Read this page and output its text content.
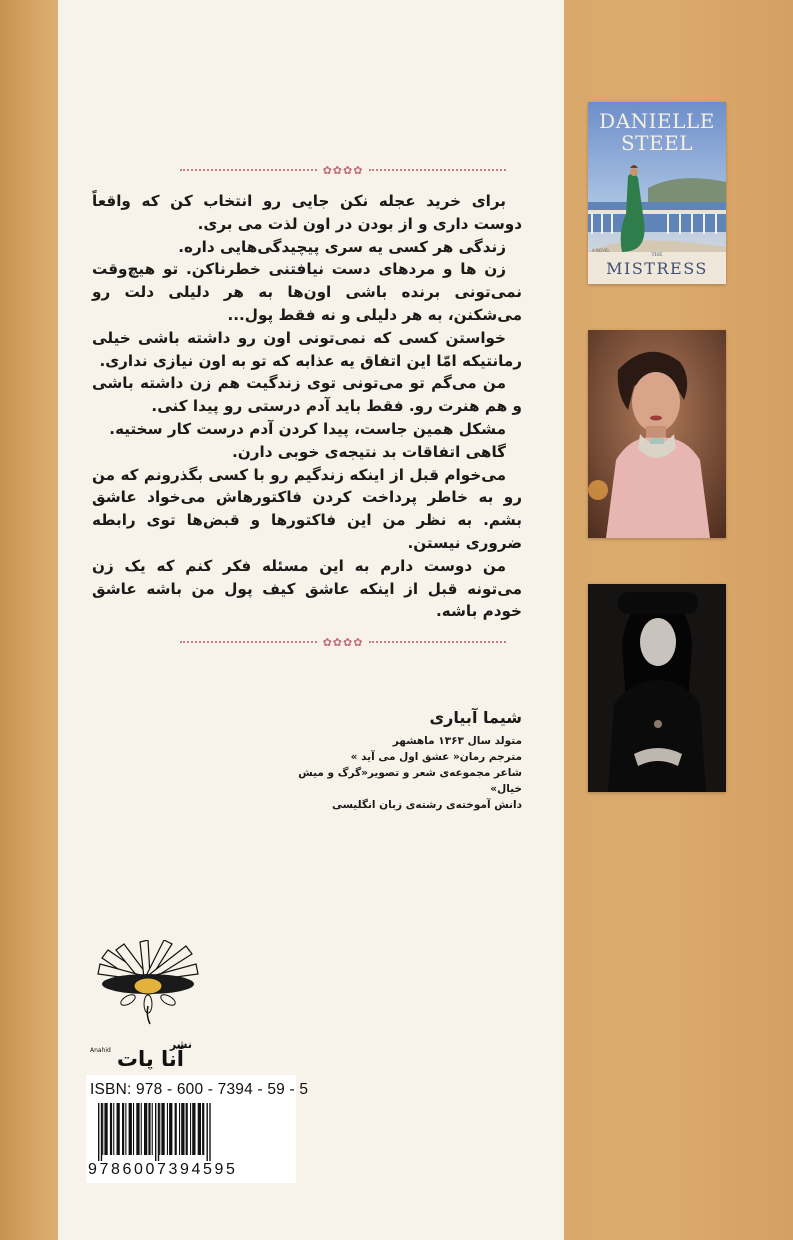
✿✿✿✿

برای خرید عجله نکن جایی رو انتخاب کن که واقعاً دوست داری و از بودن در اون لذت می بری.

زندگی هر کسی یه سری پیچیدگی‌هایی داره.

زن ها و مردهای دست نیافتنی خطرناکن. تو هیچ‌وقت نمی‌تونی برنده باشی اون‌ها به هر دلیلی دلت رو می‌شکنن، به هر دلیلی و نه فقط پول...

خواستن کسی که نمی‌تونی اون رو داشته باشی خیلی رمانتیکه امّا این اتفاق یه عذابه که تو به اون نیازی نداری.

من می‌گم تو می‌تونی توی زندگیت هم زن داشته باشی و هم هنرت رو. فقط باید آدم درستی رو پیدا کنی.

مشکل همین جاست، پیدا کردن آدم درست کار سختیه.

گاهی اتفاقات بد نتیجه‌ی خوبی دارن.

می‌خوام قبل از اینکه زندگیم رو با کسی بگذرونم که من رو به خاطر پرداخت کردن فاکتورهاش می‌خواد عاشق بشم. به نظر من این فاکتورها و قبض‌ها توی رابطه ضروری نیستن.

من دوست دارم به این مسئله فکر کنم که یک زن می‌تونه قبل از اینکه عاشق کیف پول من باشه عاشق خودم باشه.

✿✿✿✿
شیما آبیاری
متولد سال ۱۳۶۳ ماهشهر
مترجم رمان« عشق اول می‌ آید »
شاعر مجموعه‌ی شعر و تصویر«گرگ و میش خیال»
دانش آموخته‌ی رشته‌ی زبان انگلیسی
DANIELLE
STEEL
A NOVEL
THE
MISTRESS
نشر
آنا پات
Anahid
ISBN: 978 - 600 - 7394 - 59 - 5
9786007394595
